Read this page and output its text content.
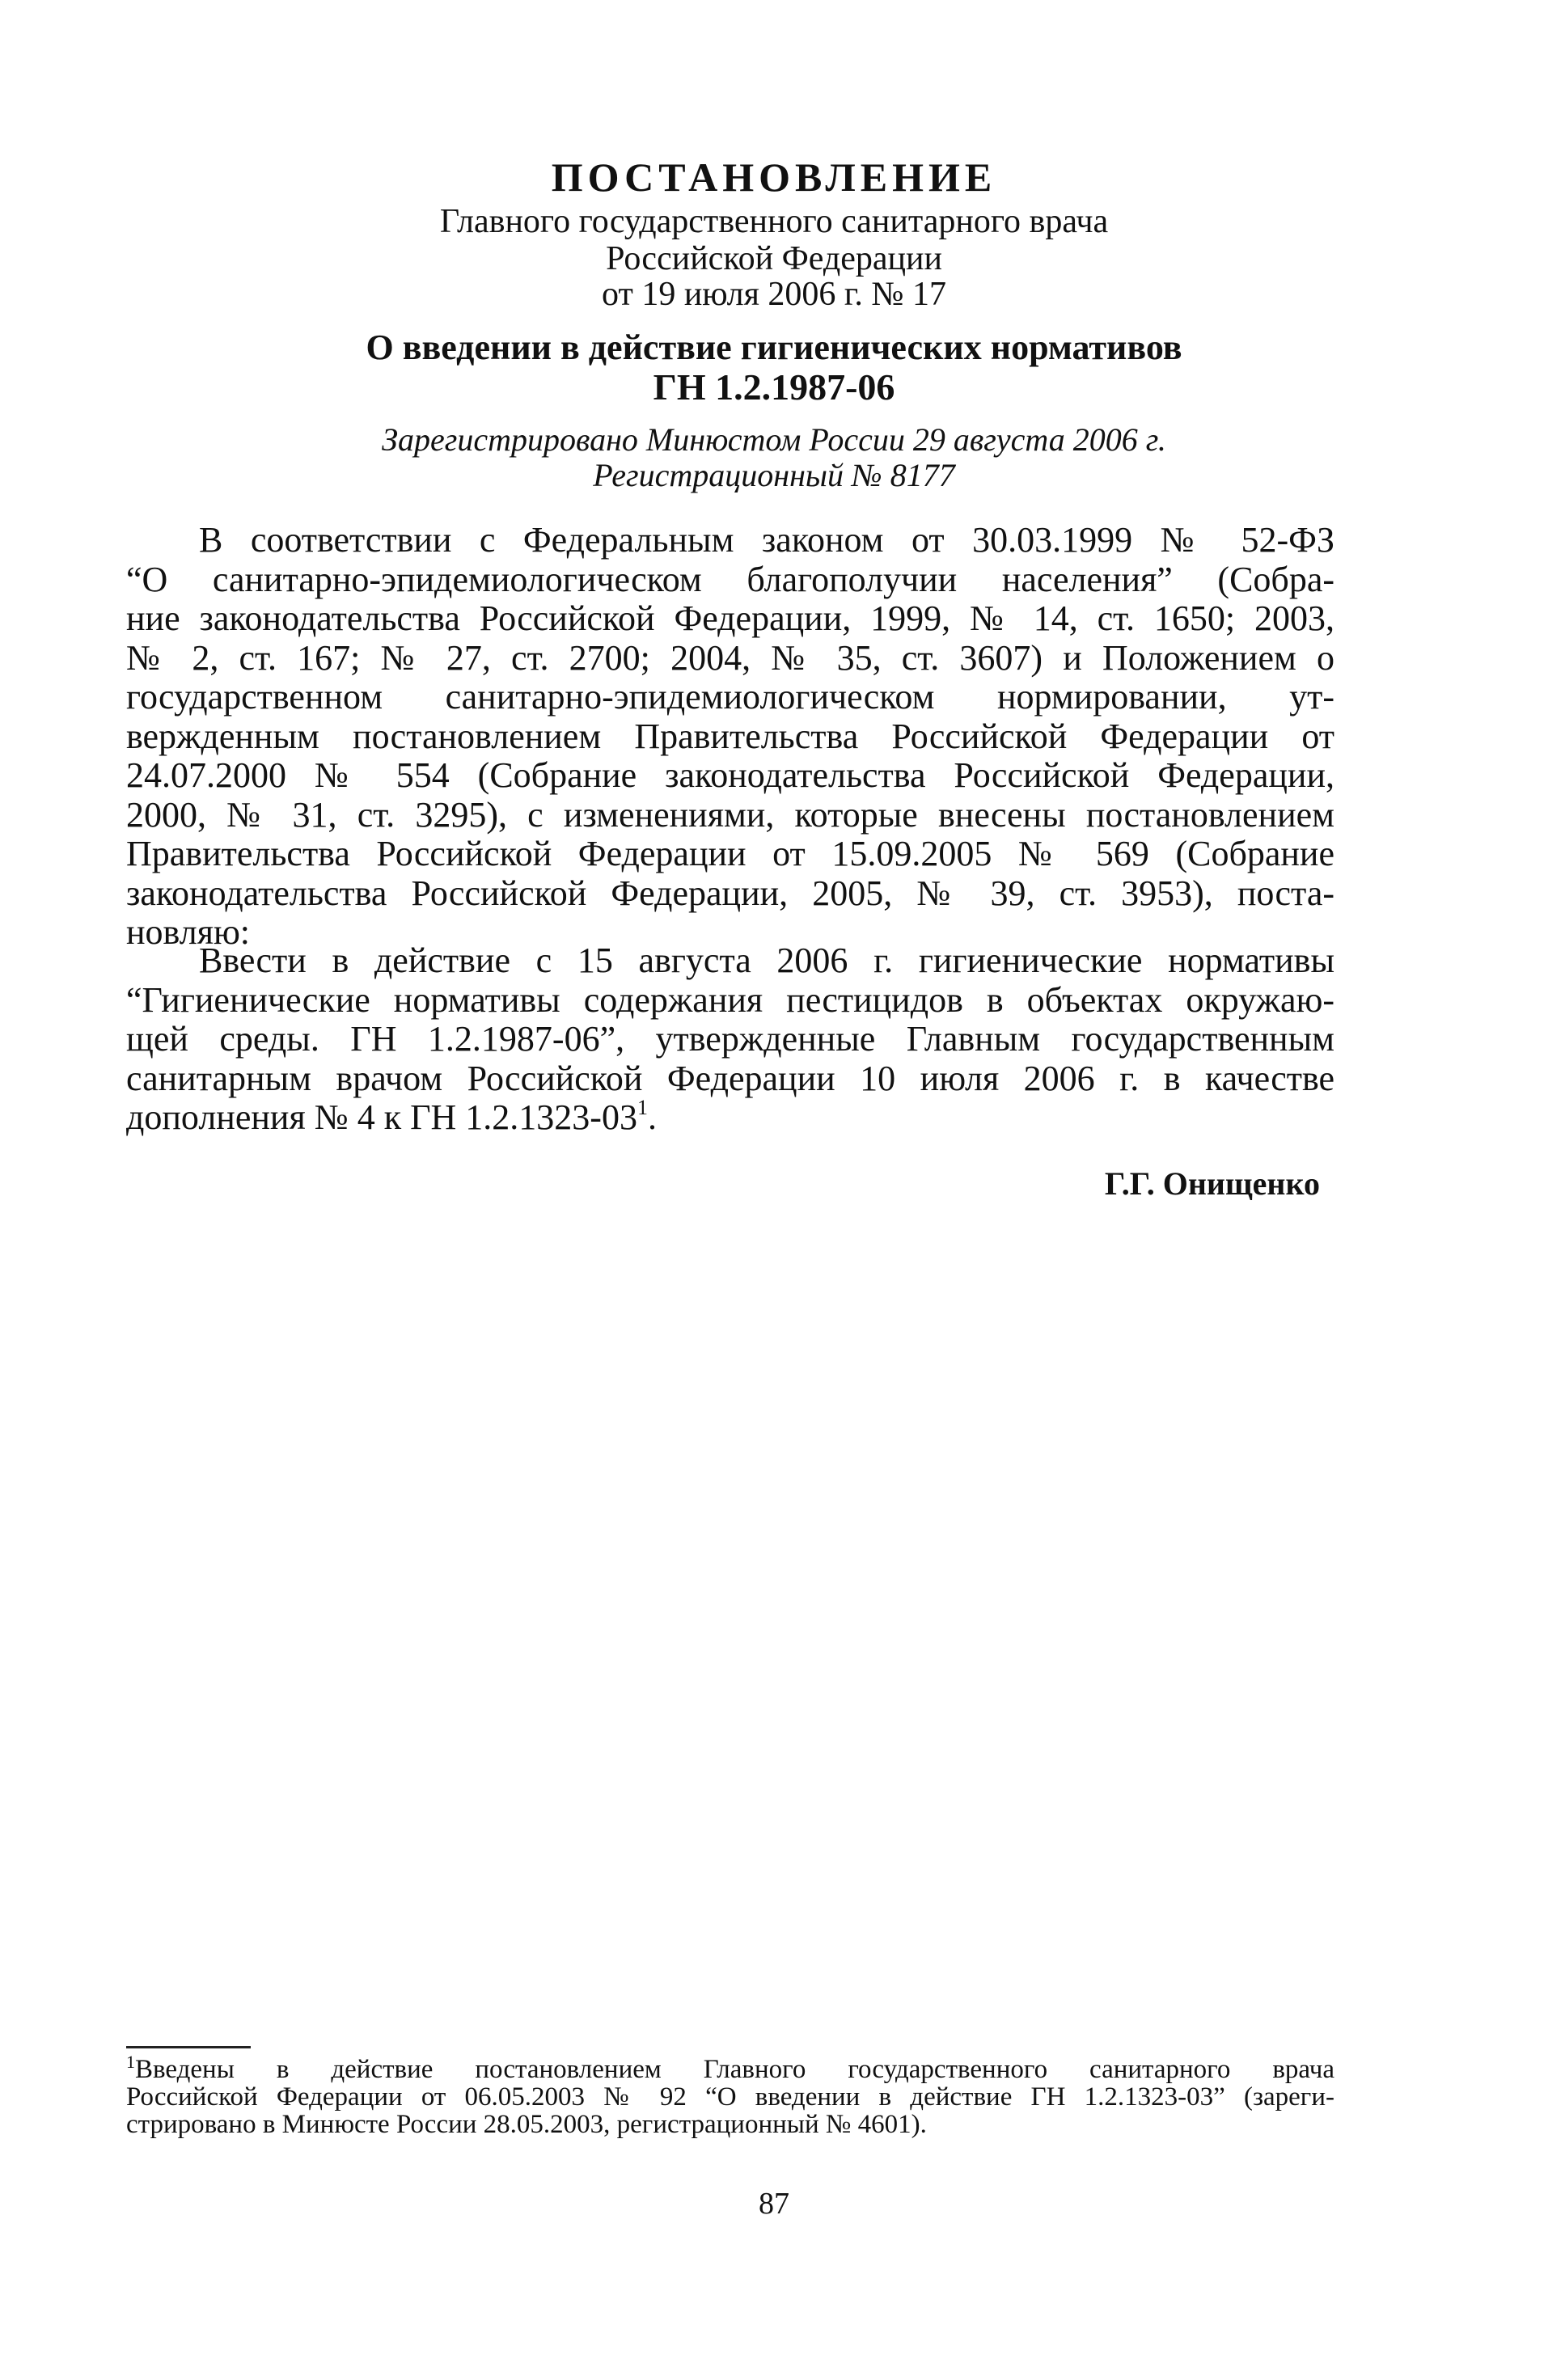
ПОСТАНОВЛЕНИЕ
Главного государственного санитарного врача
Российской Федерации
от 19 июля 2006 г. № 17
О введении в действие гигиенических нормативов
ГН 1.2.1987-06
Зарегистрировано Минюстом России 29 августа 2006 г.
Регистрационный № 8177
В соответствии с Федеральным законом от 30.03.1999 № 52-ФЗ
“О санитарно-эпидемиологическом благополучии населения” (Собра-
ние законодательства Российской Федерации, 1999, № 14, ст. 1650; 2003,
№ 2, ст. 167; № 27, ст. 2700; 2004, № 35, ст. 3607) и Положением о
государственном санитарно-эпидемиологическом нормировании, ут-
вержденным постановлением Правительства Российской Федерации от
24.07.2000 № 554 (Собрание законодательства Российской Федерации,
2000, № 31, ст. 3295), с изменениями, которые внесены постановлением
Правительства Российской Федерации от 15.09.2005 № 569 (Собрание
законодательства Российской Федерации, 2005, № 39, ст. 3953), поста-
новляю:
Ввести в действие с 15 августа 2006 г. гигиенические нормативы
“Гигиенические нормативы содержания пестицидов в объектах окружаю-
щей среды. ГН 1.2.1987-06”, утвержденные Главным государственным
санитарным врачом Российской Федерации 10 июля 2006 г. в качестве
дополнения № 4 к ГН $1.2.1323-03^1$.
Г.Г. Онищенко
$^1$Введены в действие постановлением Главного государственного санитарного врача
Российской Федерации от 06.05.2003 № 92 “О введении в действие ГН 1.2.1323-03” (зареги-
стрировано в Минюсте России 28.05.2003, регистрационный № 4601).
87
